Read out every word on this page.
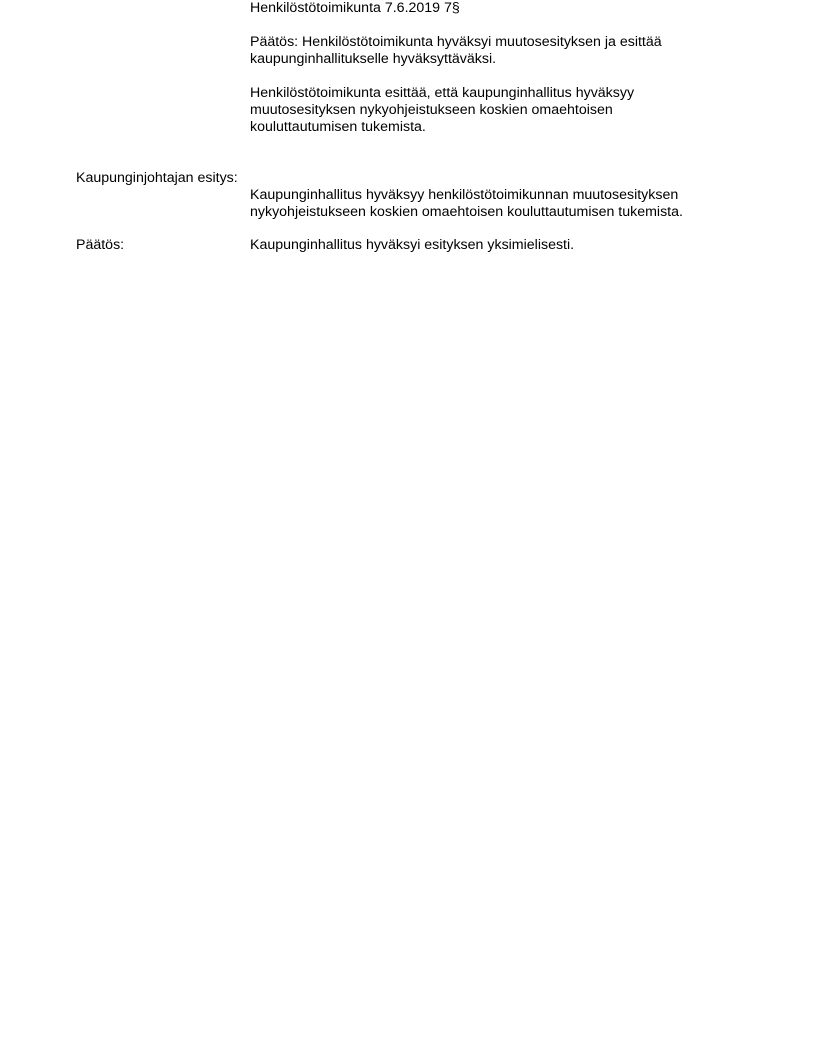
Henkilöstötoimikunta 7.6.2019 7§

Päätös: Henkilöstötoimikunta hyväksyi muutosesityksen ja esittää
kaupunginhallitukselle hyväksyttäväksi.

Henkilöstötoimikunta esittää, että kaupunginhallitus hyväksyy
muutosesityksen nykyohjeistukseen koskien omaehtoisen
kouluttautumisen tukemista.

Kaupunginjohtajan esitys:

Kaupunginhallitus hyväksyy henkilöstötoimikunnan muutosesityksen
nykyohjeistukseen koskien omaehtoisen kouluttautumisen tukemista.

Päätös:	Kaupunginhallitus hyväksyi esityksen yksimielisesti.
